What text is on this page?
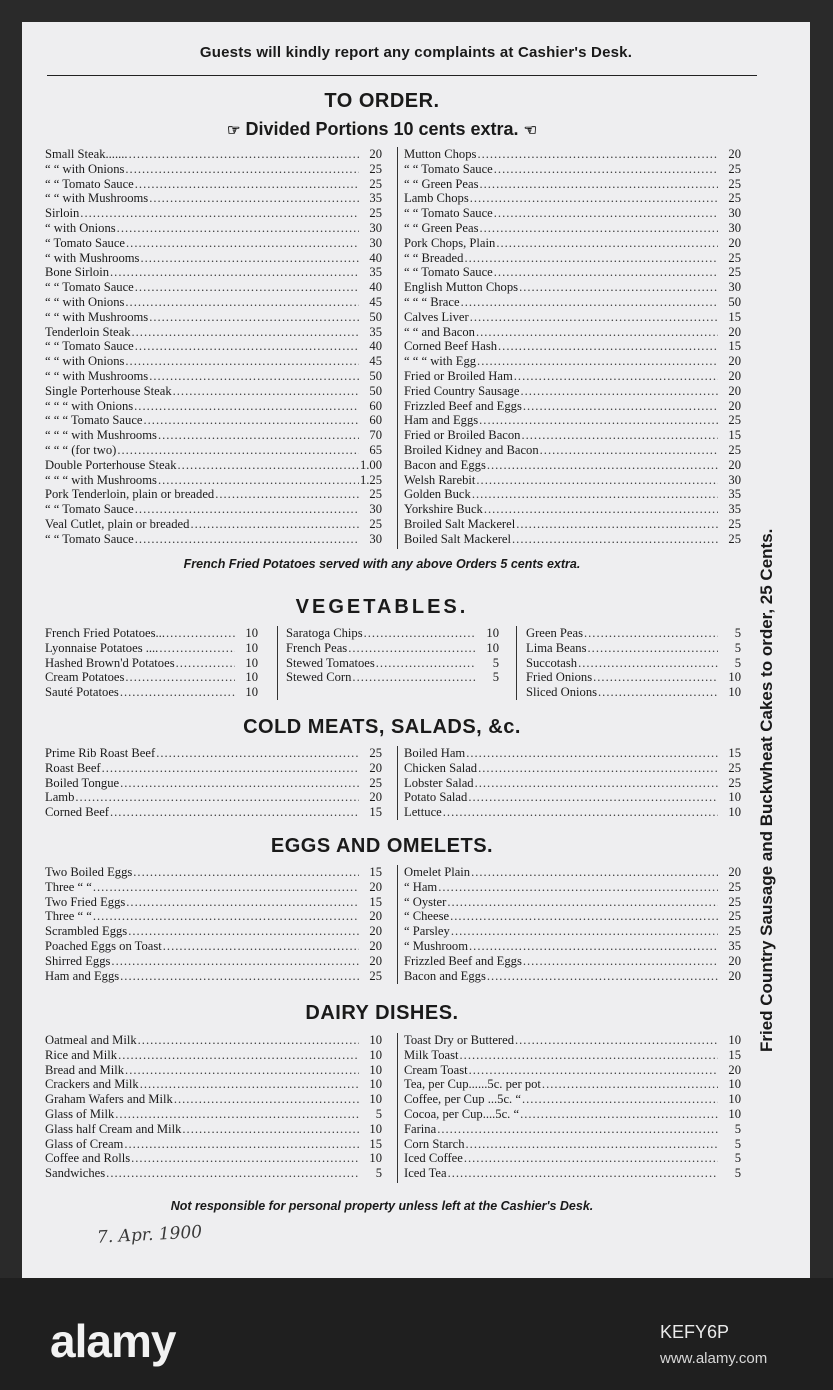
Guests will kindly report any complaints at Cashier's Desk.
TO ORDER.
☞ Divided Portions 10 cents extra. ☜
Small Steak....... .....	20
“ “ with Onions .....	25
“ “ Tomato Sauce .....	25
“ “ with Mushrooms .....	35
Sirloin .....	25
“ with Onions .....	30
“ Tomato Sauce .....	30
“ with Mushrooms .....	40
Bone Sirloin .....	35
“ “ Tomato Sauce .....	40
“ “ with Onions .....	45
“ “ with Mushrooms .....	50
Tenderloin Steak .....	35
“ “ Tomato Sauce .....	40
“ “ with Onions .....	45
“ “ with Mushrooms .....	50
Single Porterhouse Steak .....	50
“ “ “ with Onions .....	60
“ “ “ Tomato Sauce .....	60
“ “ “ with Mushrooms .....	70
“ “ “ (for two) .....	65
Double Porterhouse Steak .....	1.00
“ “ “ with Mushrooms .....	1.25
Pork Tenderloin, plain or breaded .....	25
“ “ Tomato Sauce .....	30
Veal Cutlet, plain or breaded .....	25
“ “ Tomato Sauce .....	30
Mutton Chops .....	20
“ “ Tomato Sauce .....	25
“ “ Green Peas .....	25
Lamb Chops .....	25
“ “ Tomato Sauce .....	30
“ “ Green Peas .....	30
Pork Chops, Plain .....	20
“ “ Breaded .....	25
“ “ Tomato Sauce .....	25
English Mutton Chops .....	30
“ “ “ Brace .....	50
Calves Liver .....	15
“ “ and Bacon .....	20
Corned Beef Hash .....	15
“ “ “ with Egg .....	20
Fried or Broiled Ham .....	20
Fried Country Sausage .....	20
Frizzled Beef and Eggs .....	20
Ham and Eggs .....	25
Fried or Broiled Bacon .....	15
Broiled Kidney and Bacon .....	25
Bacon and Eggs .....	20
Welsh Rarebit .....	30
Golden Buck .....	35
Yorkshire Buck .....	35
Broiled Salt Mackerel .....	25
Boiled Salt Mackerel .....	25
French Fried Potatoes served with any above Orders 5 cents extra.
VEGETABLES.
French Fried Potatoes... .....	10
Lyonnaise Potatoes .... .....	10
Hashed Brown'd Potatoes .....	10
Cream Potatoes .....	10
Sauté Potatoes .....	10
Saratoga Chips .....	10
French Peas .....	10
Stewed Tomatoes .....	5
Stewed Corn .....	5
Green Peas .....	5
Lima Beans .....	5
Succotash .....	5
Fried Onions .....	10
Sliced Onions .....	10
COLD MEATS, SALADS, &c.
Prime Rib Roast Beef .....	25
Roast Beef .....	20
Boiled Tongue .....	25
Lamb .....	20
Corned Beef .....	15
Boiled Ham .....	15
Chicken Salad .....	25
Lobster Salad .....	25
Potato Salad .....	10
Lettuce .....	10
EGGS AND OMELETS.
Two Boiled Eggs .....	15
Three “ “ .....	20
Two Fried Eggs .....	15
Three “ “ .....	20
Scrambled Eggs .....	20
Poached Eggs on Toast .....	20
Shirred Eggs .....	20
Ham and Eggs .....	25
Omelet Plain .....	20
“ Ham .....	25
“ Oyster .....	25
“ Cheese .....	25
“ Parsley .....	25
“ Mushroom .....	35
Frizzled Beef and Eggs .....	20
Bacon and Eggs .....	20
DAIRY DISHES.
Oatmeal and Milk .....	10
Rice and Milk .....	10
Bread and Milk .....	10
Crackers and Milk .....	10
Graham Wafers and Milk .....	10
Glass of Milk .....	5
Glass half Cream and Milk .....	10
Glass of Cream .....	15
Coffee and Rolls .....	10
Sandwiches .....	5
Toast Dry or Buttered .....	10
Milk Toast .....	15
Cream Toast .....	20
Tea, per Cup......5c. per pot .....	10
Coffee, per Cup ...5c. “ .....	10
Cocoa, per Cup....5c. “ .....	10
Farina .....	5
Corn Starch .....	5
Iced Coffee .....	5
Iced Tea .....	5
Not responsible for personal property unless left at the Cashier's Desk.
7. Apr. 1900
Fried Country Sausage and Buckwheat Cakes to order, 25 Cents.
alamy	KEFY6P
www.alamy.com
